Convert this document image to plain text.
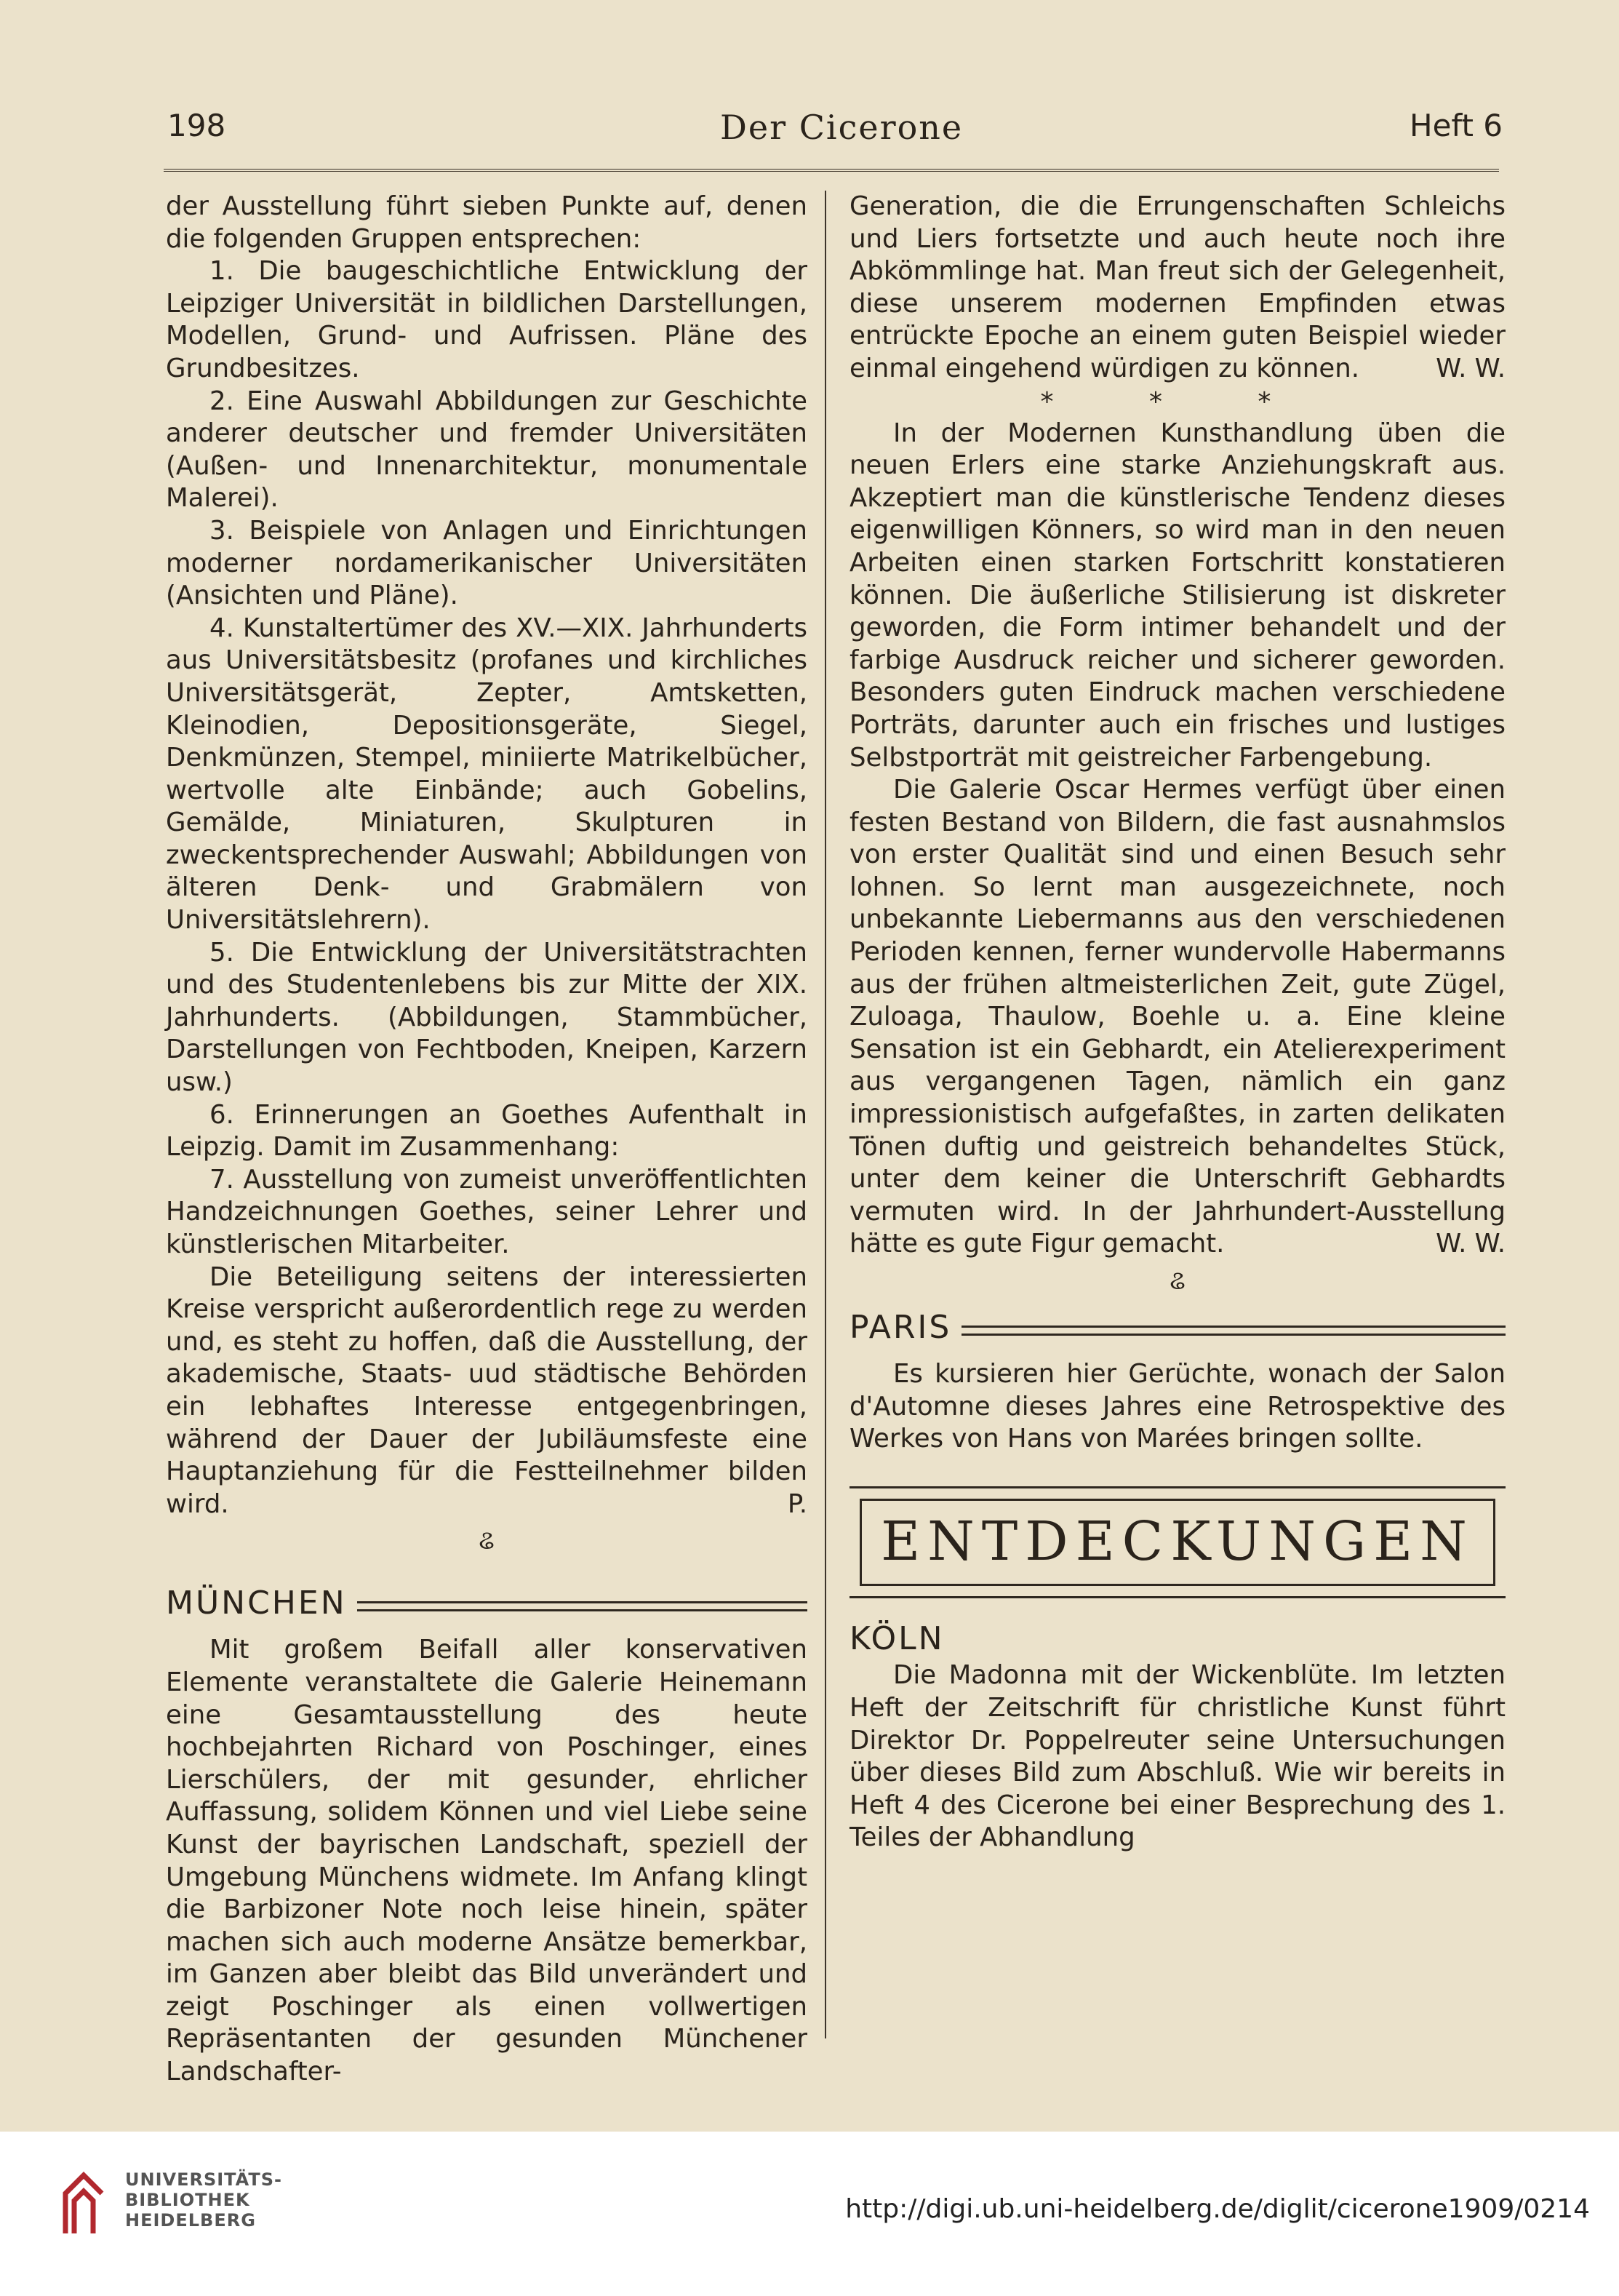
198	Der Cicerone	Heft 6

der Ausstellung führt sieben Punkte auf, denen die folgenden Gruppen entsprechen:

1. Die baugeschichtliche Entwicklung der Leipziger Universität in bildlichen Darstellungen, Modellen, Grund- und Aufrissen. Pläne des Grundbesitzes.

2. Eine Auswahl Abbildungen zur Geschichte anderer deutscher und fremder Universitäten (Außen- und Innenarchitektur, monumentale Malerei).

3. Beispiele von Anlagen und Einrichtungen moderner nordamerikanischer Universitäten (Ansichten und Pläne).

4. Kunstaltertümer des XV.—XIX. Jahrhunderts aus Universitätsbesitz (profanes und kirchliches Universitätsgerät, Zepter, Amtsketten, Kleinodien, Depositionsgeräte, Siegel, Denkmünzen, Stempel, miniierte Matrikelbücher, wertvolle alte Einbände; auch Gobelins, Gemälde, Miniaturen, Skulpturen in zweckentsprechender Auswahl; Abbildungen von älteren Denk- und Grabmälern von Universitätslehrern).

5. Die Entwicklung der Universitätstrachten und des Studentenlebens bis zur Mitte der XIX. Jahrhunderts. (Abbildungen, Stammbücher, Darstellungen von Fechtboden, Kneipen, Karzern usw.)

6. Erinnerungen an Goethes Aufenthalt in Leipzig. Damit im Zusammenhang:

7. Ausstellung von zumeist unveröffentlichten Handzeichnungen Goethes, seiner Lehrer und künstlerischen Mitarbeiter.

Die Beteiligung seitens der interessierten Kreise verspricht außerordentlich rege zu werden und, es steht zu hoffen, daß die Ausstellung, der akademische, Staats- uud städtische Behörden ein lebhaftes Interesse entgegenbringen, während der Dauer der Jubiläumsfeste eine Hauptanziehung für die Festteilnehmer bilden wird.	P.

ଌ
MÜNCHEN

Mit großem Beifall aller konservativen Elemente veranstaltete die Galerie Heinemann eine Gesamtausstellung des heute hochbejahrten Richard von Poschinger, eines Lierschülers, der mit gesunder, ehrlicher Auffassung, solidem Können und viel Liebe seine Kunst der bayrischen Landschaft, speziell der Umgebung Münchens widmete. Im Anfang klingt die Barbizoner Note noch leise hinein, später machen sich auch moderne Ansätze bemerkbar, im Ganzen aber bleibt das Bild unverändert und zeigt Poschinger als einen vollwertigen Repräsentanten der gesunden Münchener Landschafter-

Generation, die die Errungenschaften Schleichs und Liers fortsetzte und auch heute noch ihre Abkömmlinge hat. Man freut sich der Gelegenheit, diese unserem modernen Empfinden etwas entrückte Epoche an einem guten Beispiel wieder einmal eingehend würdigen zu können.	W. W.

* * *

In der Modernen Kunsthandlung üben die neuen Erlers eine starke Anziehungskraft aus. Akzeptiert man die künstlerische Tendenz dieses eigenwilligen Könners, so wird man in den neuen Arbeiten einen starken Fortschritt konstatieren können. Die äußerliche Stilisierung ist diskreter geworden, die Form intimer behandelt und der farbige Ausdruck reicher und sicherer geworden. Besonders guten Eindruck machen verschiedene Porträts, darunter auch ein frisches und lustiges Selbstporträt mit geistreicher Farbengebung.

Die Galerie Oscar Hermes verfügt über einen festen Bestand von Bildern, die fast ausnahmslos von erster Qualität sind und einen Besuch sehr lohnen. So lernt man ausgezeichnete, noch unbekannte Liebermanns aus den verschiedenen Perioden kennen, ferner wundervolle Habermanns aus der frühen altmeisterlichen Zeit, gute Zügel, Zuloaga, Thaulow, Boehle u. a. Eine kleine Sensation ist ein Gebhardt, ein Atelierexperiment aus vergangenen Tagen, nämlich ein ganz impressionistisch aufgefaßtes, in zarten delikaten Tönen duftig und geistreich behandeltes Stück, unter dem keiner die Unterschrift Gebhardts vermuten wird. In der Jahrhundert-Ausstellung hätte es gute Figur gemacht.	W. W.

ଌ
PARIS

Es kursieren hier Gerüchte, wonach der Salon d'Automne dieses Jahres eine Retrospektive des Werkes von Hans von Marées bringen sollte.

ENTDECKUNGEN
KÖLN

Die Madonna mit der Wickenblüte. Im letzten Heft der Zeitschrift für christliche Kunst führt Direktor Dr. Poppelreuter seine Untersuchungen über dieses Bild zum Abschluß. Wie wir bereits in Heft 4 des Cicerone bei einer Besprechung des 1. Teiles der Abhandlung

UNIVERSITÄTS-
BIBLIOTHEK
HEIDELBERG	http://digi.ub.uni-heidelberg.de/diglit/cicerone1909/0214
